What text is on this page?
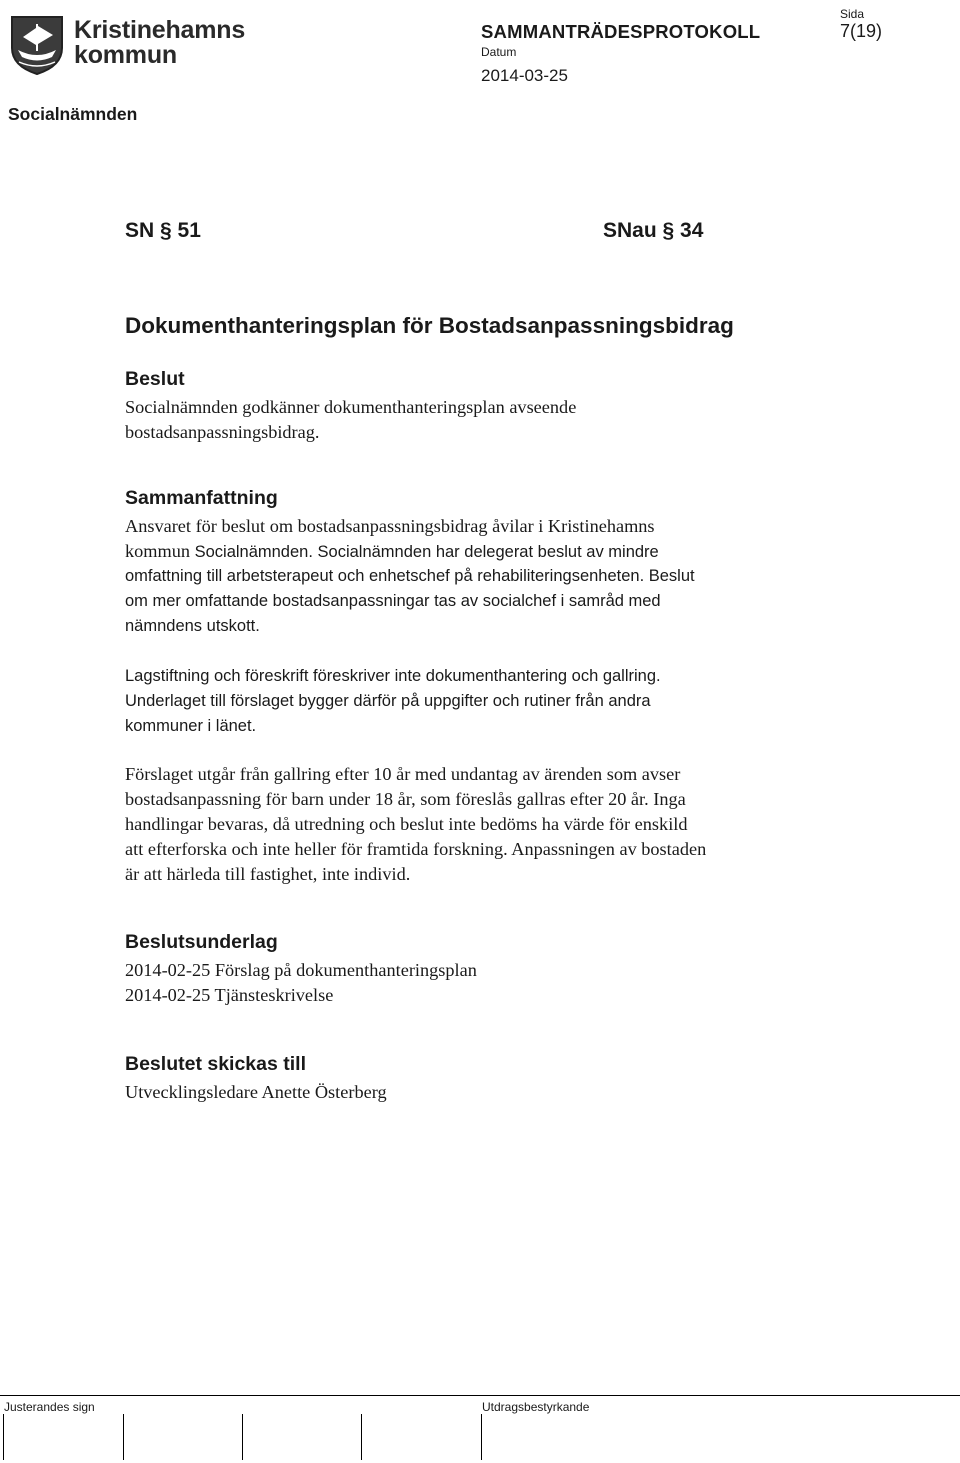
Kristinehamns
kommun
SAMMANTRÄDESPROTOKOLL
Sida
7(19)
Datum
2014-03-25
Socialnämnden
SN § 51	SNau § 34
Dokumenthanteringsplan för Bostadsanpassningsbidrag
Beslut
Socialnämnden godkänner dokumenthanteringsplan avseende
bostadsanpassningsbidrag.
Sammanfattning
Ansvaret för beslut om bostadsanpassningsbidrag åvilar i Kristinehamns
kommun Socialnämnden. Socialnämnden har delegerat beslut av mindre
omfattning till arbetsterapeut och enhetschef på rehabiliteringsenheten. Beslut
om mer omfattande bostadsanpassningar tas av socialchef i samråd med
nämndens utskott.
Lagstiftning och föreskrift föreskriver inte dokumenthantering och gallring.
Underlaget till förslaget bygger därför på uppgifter och rutiner från andra
kommuner i länet.
Förslaget utgår från gallring efter 10 år med undantag av ärenden som avser
bostadsanpassning för barn under 18 år, som föreslås gallras efter 20 år. Inga
handlingar bevaras, då utredning och beslut inte bedöms ha värde för enskild
att efterforska och inte heller för framtida forskning. Anpassningen av bostaden
är att härleda till fastighet, inte individ.
Beslutsunderlag
2014-02-25 Förslag på dokumenthanteringsplan
2014-02-25 Tjänsteskrivelse
Beslutet skickas till
Utvecklingsledare Anette Österberg
Justerandes sign	Utdragsbestyrkande
